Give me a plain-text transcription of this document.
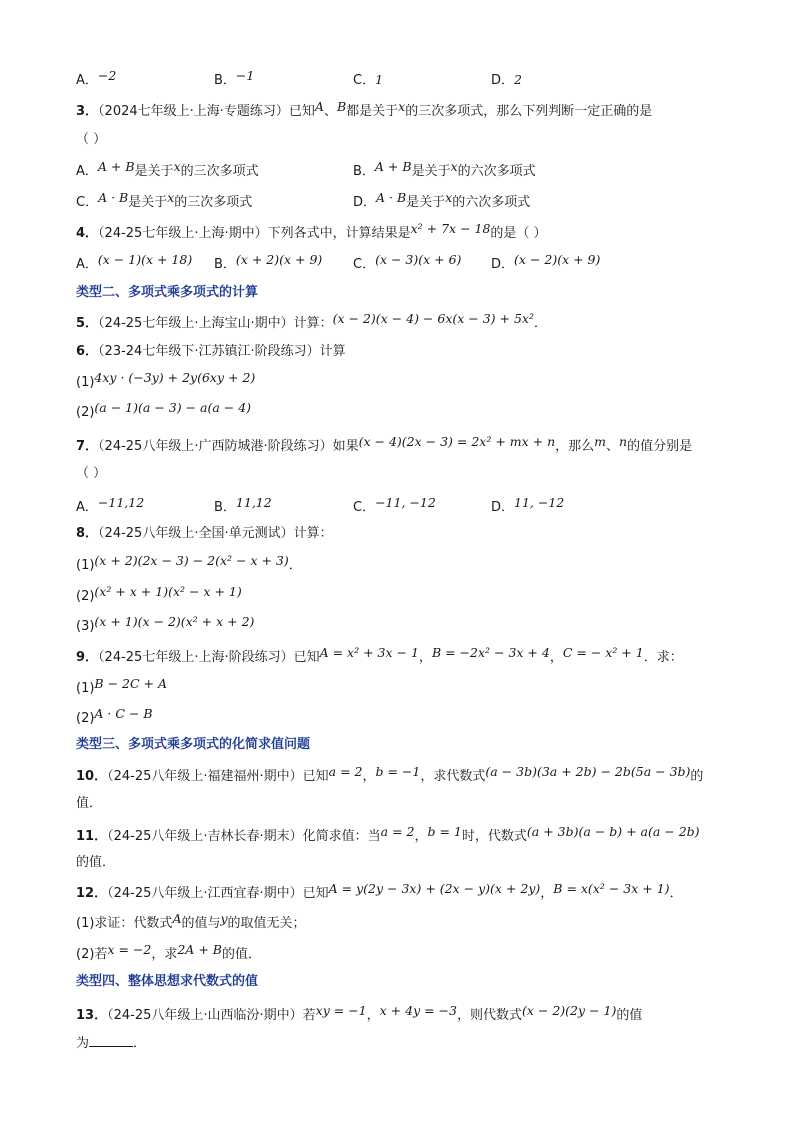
A．−2	B．−1	C．1	D．2
3．（2024七年级上·上海·专题练习）已知A、B都是关于x的三次多项式，那么下列判断一定正确的是
（ ）
A．A + B是关于x的三次多项式	B．A + B是关于x的六次多项式
C．A · B是关于x的三次多项式	D．A · B是关于x的六次多项式
4．（24-25七年级上·上海·期中）下列各式中，计算结果是x² + 7x − 18的是（ ）
A．(x − 1)(x + 18) B．(x + 2)(x + 9) C．(x − 3)(x + 6) D．(x − 2)(x + 9)
类型二、多项式乘多项式的计算
5．（24-25七年级上·上海宝山·期中）计算：(x − 2)(x − 4) − 6x(x − 3) + 5x²．
6．（23-24七年级下·江苏镇江·阶段练习）计算
(1)4xy · (−3y) + 2y(6xy + 2)
(2)(a − 1)(a − 3) − a(a − 4)
7．（24-25八年级上·广西防城港·阶段练习）如果(x − 4)(2x − 3) = 2x² + mx + n，那么m、n的值分别是
（ ）
A．−11,12	B．11,12	C．−11, −12	D．11, −12
8．（24-25八年级上·全国·单元测试）计算：
(1)(x + 2)(2x − 3) − 2(x² − x + 3)．
(2)(x² + x + 1)(x² − x + 1)
(3)(x + 1)(x − 2)(x² + x + 2)
9．（24-25七年级上·上海·阶段练习）已知A = x² + 3x − 1，B = −2x² − 3x + 4，C = − x² + 1．求：
(1)B − 2C + A
(2)A · C − B
类型三、多项式乘多项式的化简求值问题
10．（24-25八年级上·福建福州·期中）已知a = 2，b = −1，求代数式(a − 3b)(3a + 2b) − 2b(5a − 3b)的
值．
11．（24-25八年级上·吉林长春·期末）化简求值：当a = 2，b = 1时，代数式(a + 3b)(a − b) + a(a − 2b)
的值．
12．（24-25八年级上·江西宜春·期中）已知A = y(2y − 3x) + (2x − y)(x + 2y)，B = x(x² − 3x + 1)．
(1)求证：代数式A的值与y的取值无关；
(2)若x = −2，求2A + B的值．
类型四、整体思想求代数式的值
13．（24-25八年级上·山西临汾·期中）若xy = −1，x + 4y = −3，则代数式(x − 2)(2y − 1)的值
为	．
